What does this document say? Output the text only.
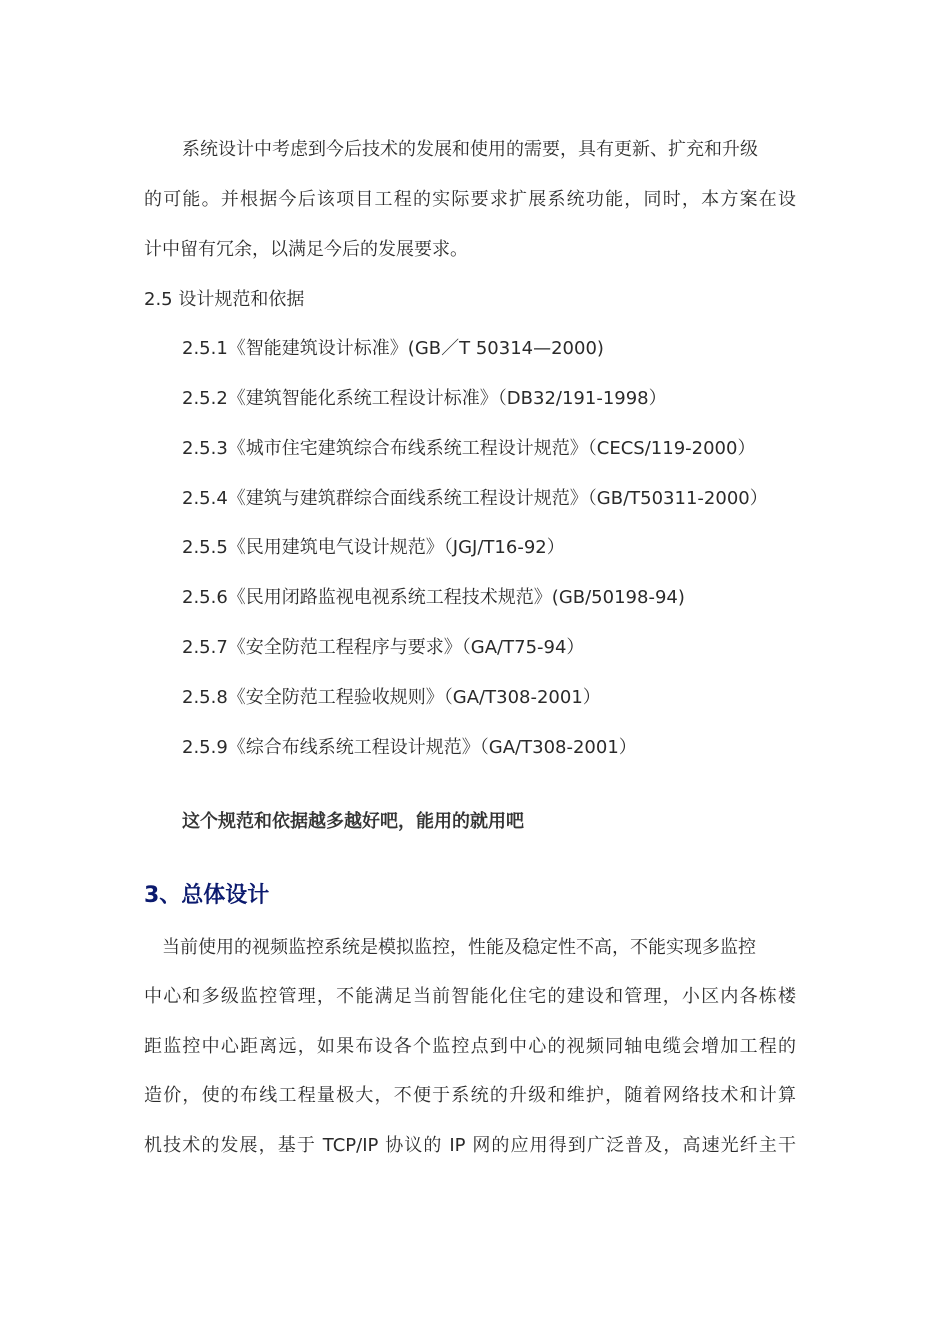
系统设计中考虑到今后技术的发展和使用的需要，具有更新、扩充和升级
的可能。并根据今后该项目工程的实际要求扩展系统功能，同时，本方案在设
计中留有冗余，以满足今后的发展要求。
2.5 设计规范和依据
2.5.1《智能建筑设计标准》(GB／T 50314—2000)
2.5.2《建筑智能化系统工程设计标准》（DB32/191-1998）
2.5.3《城市住宅建筑综合布线系统工程设计规范》（CECS/119-2000）
2.5.4《建筑与建筑群综合面线系统工程设计规范》（GB/T50311-2000）
2.5.5《民用建筑电气设计规范》（JGJ/T16-92）
2.5.6《民用闭路监视电视系统工程技术规范》(GB/50198-94)
2.5.7《安全防范工程程序与要求》（GA/T75-94）
2.5.8《安全防范工程验收规则》（GA/T308-2001）
2.5.9《综合布线系统工程设计规范》（GA/T308-2001）
这个规范和依据越多越好吧，能用的就用吧
3、总体设计
当前使用的视频监控系统是模拟监控，性能及稳定性不高，不能实现多监控
中心和多级监控管理，不能满足当前智能化住宅的建设和管理，小区内各栋楼
距监控中心距离远，如果布设各个监控点到中心的视频同轴电缆会增加工程的
造价，使的布线工程量极大，不便于系统的升级和维护，随着网络技术和计算
机技术的发展，基于 TCP/IP 协议的 IP 网的应用得到广泛普及，高速光纤主干
